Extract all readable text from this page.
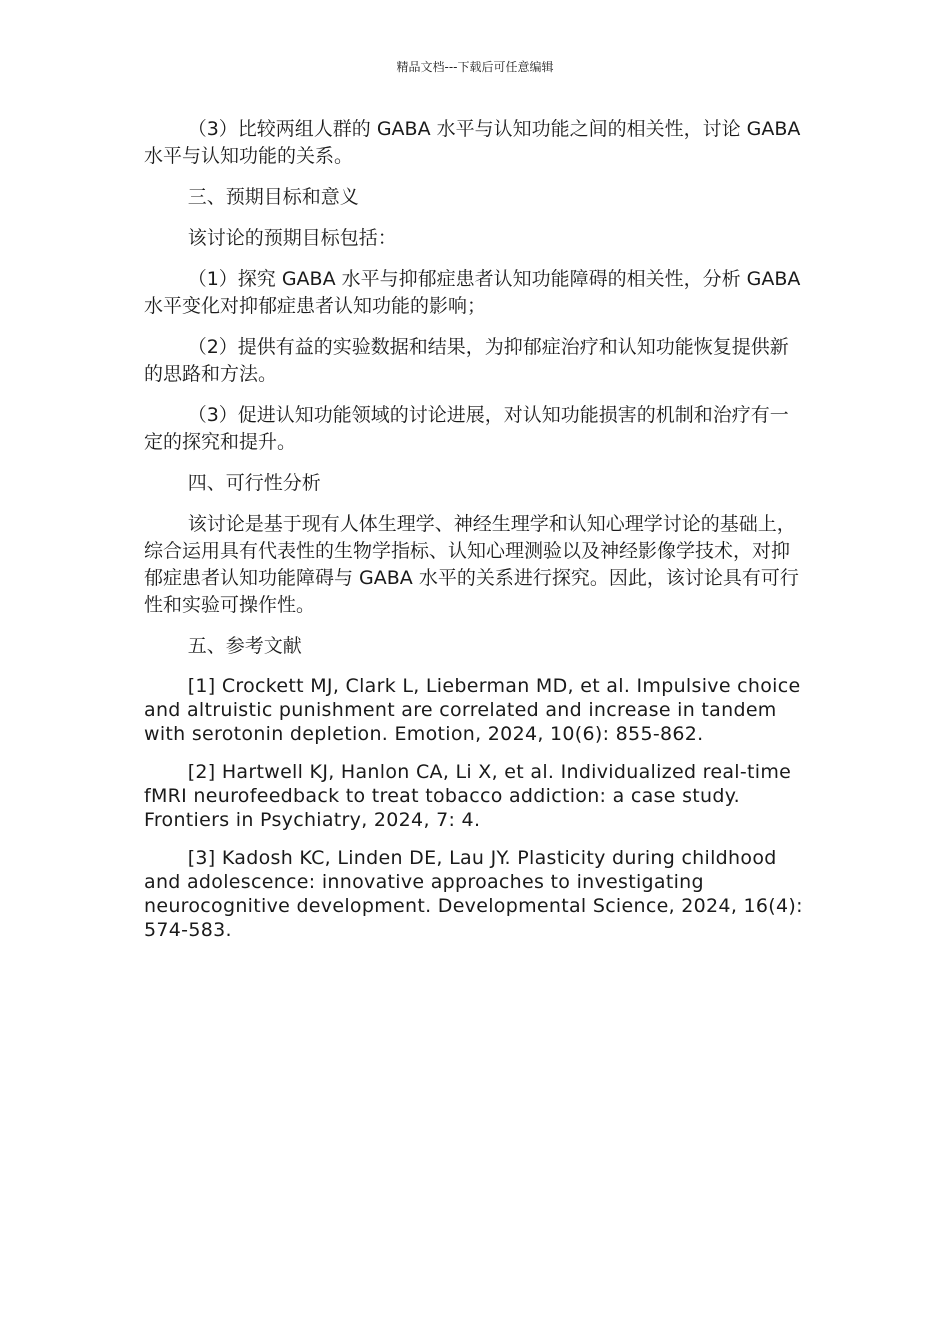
精品文档---下载后可任意编辑

（3）比较两组人群的 GABA 水平与认知功能之间的相关性，讨论 GABA 水平与认知功能的关系。

三、预期目标和意义

该讨论的预期目标包括：

（1）探究 GABA 水平与抑郁症患者认知功能障碍的相关性，分析 GABA 水平变化对抑郁症患者认知功能的影响；

（2）提供有益的实验数据和结果，为抑郁症治疗和认知功能恢复提供新的思路和方法。

（3）促进认知功能领域的讨论进展，对认知功能损害的机制和治疗有一定的探究和提升。

四、可行性分析

该讨论是基于现有人体生理学、神经生理学和认知心理学讨论的基础上，综合运用具有代表性的生物学指标、认知心理测验以及神经影像学技术，对抑郁症患者认知功能障碍与 GABA 水平的关系进行探究。因此，该讨论具有可行性和实验可操作性。

五、参考文献

[1] Crockett MJ, Clark L, Lieberman MD, et al. Impulsive choice and altruistic punishment are correlated and increase in tandem with serotonin depletion. Emotion, 2024, 10(6): 855-862.

[2] Hartwell KJ, Hanlon CA, Li X, et al. Individualized real-time fMRI neurofeedback to treat tobacco addiction: a case study. Frontiers in Psychiatry, 2024, 7: 4.

[3] Kadosh KC, Linden DE, Lau JY. Plasticity during childhood and adolescence: innovative approaches to investigating neurocognitive development. Developmental Science, 2024, 16(4): 574-583.
